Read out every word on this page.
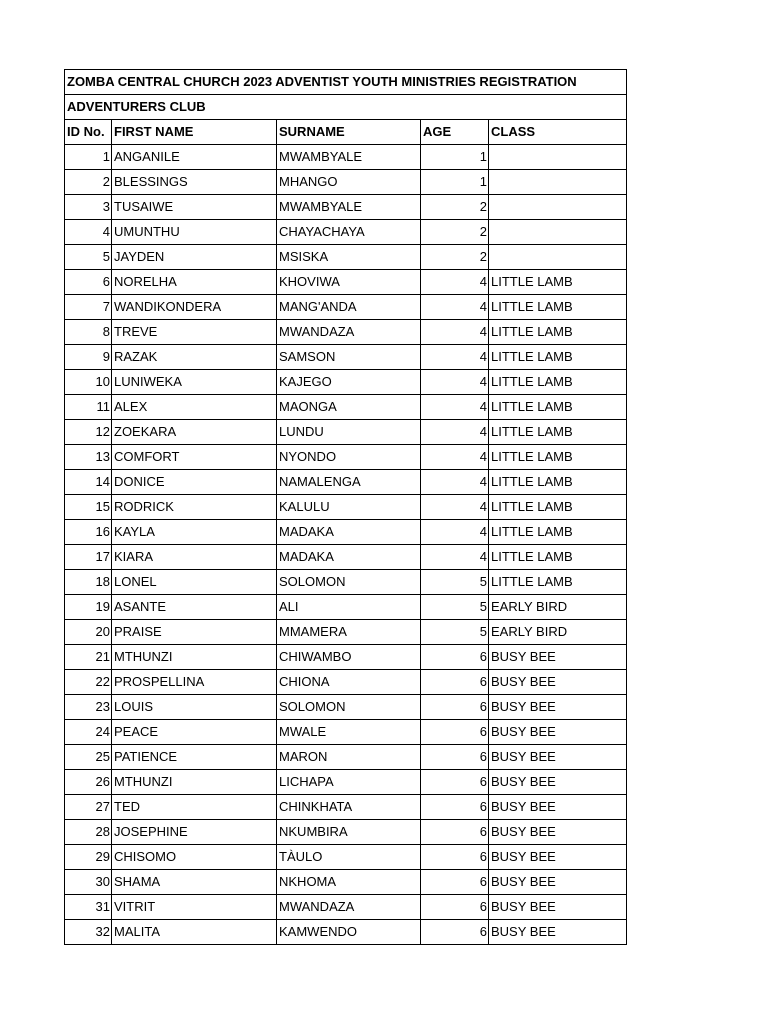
ZOMBA CENTRAL CHURCH 2023 ADVENTIST YOUTH MINISTRIES REGISTRATION				
ADVENTURERS CLUB				
ID No.	FIRST NAME	SURNAME	AGE	CLASS
1	ANGANILE	MWAMBYALE	1	
2	BLESSINGS	MHANGO	1	
3	TUSAIWE	MWAMBYALE	2	
4	UMUNTHU	CHAYACHAYA	2	
5	JAYDEN	MSISKA	2	
6	NORELHA	KHOVIWA	4	LITTLE LAMB
7	WANDIKONDERA	MANG'ANDA	4	LITTLE LAMB
8	TREVE	MWANDAZA	4	LITTLE LAMB
9	RAZAK	SAMSON	4	LITTLE LAMB
10	LUNIWEKA	KAJEGO	4	LITTLE LAMB
11	ALEX	MAONGA	4	LITTLE LAMB
12	ZOEKARA	LUNDU	4	LITTLE LAMB
13	COMFORT	NYONDO	4	LITTLE LAMB
14	DONICE	NAMALENGA	4	LITTLE LAMB
15	RODRICK	KALULU	4	LITTLE LAMB
16	KAYLA	MADAKA	4	LITTLE LAMB
17	KIARA	MADAKA	4	LITTLE LAMB
18	LONEL	SOLOMON	5	LITTLE LAMB
19	ASANTE	ALI	5	EARLY BIRD
20	PRAISE	MMAMERA	5	EARLY BIRD
21	MTHUNZI	CHIWAMBO	6	BUSY BEE
22	PROSPELLINA	CHIONA	6	BUSY BEE
23	LOUIS	SOLOMON	6	BUSY BEE
24	PEACE	MWALE	6	BUSY BEE
25	PATIENCE	MARON	6	BUSY BEE
26	MTHUNZI	LICHAPA	6	BUSY BEE
27	TED	CHINKHATA	6	BUSY BEE
28	JOSEPHINE	NKUMBIRA	6	BUSY BEE
29	CHISOMO	TÀULO	6	BUSY BEE
30	SHAMA	NKHOMA	6	BUSY BEE
31	VITRIT	MWANDAZA	6	BUSY BEE
32	MALITA	KAMWENDO	6	BUSY BEE
